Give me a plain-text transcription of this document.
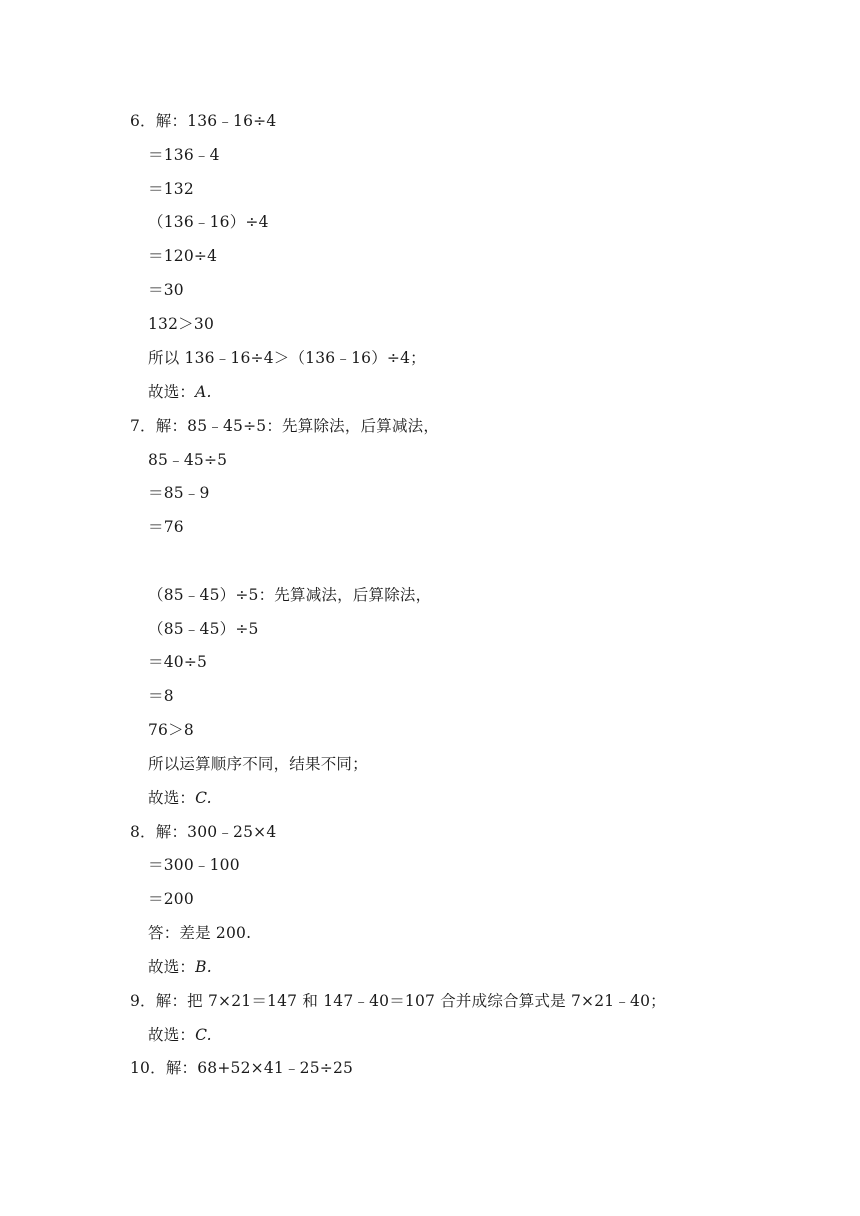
6．解：136﹣16÷4
＝136﹣4
＝132
（136﹣16）÷4
＝120÷4
＝30
132＞30
所以 136﹣16÷4＞（136﹣16）÷4；
故选：A.
7．解：85﹣45÷5：先算除法，后算减法，
85﹣45÷5
＝85﹣9
＝76
（85﹣45）÷5：先算减法，后算除法，
（85﹣45）÷5
＝40÷5
＝8
76＞8
所以运算顺序不同，结果不同；
故选：C.
8．解：300﹣25×4
＝300﹣100
＝200
答：差是 200.
故选：B.
9．解：把 7×21＝147 和 147﹣40＝107 合并成综合算式是 7×21﹣40；
故选：C.
10．解：68+52×41﹣25÷25
